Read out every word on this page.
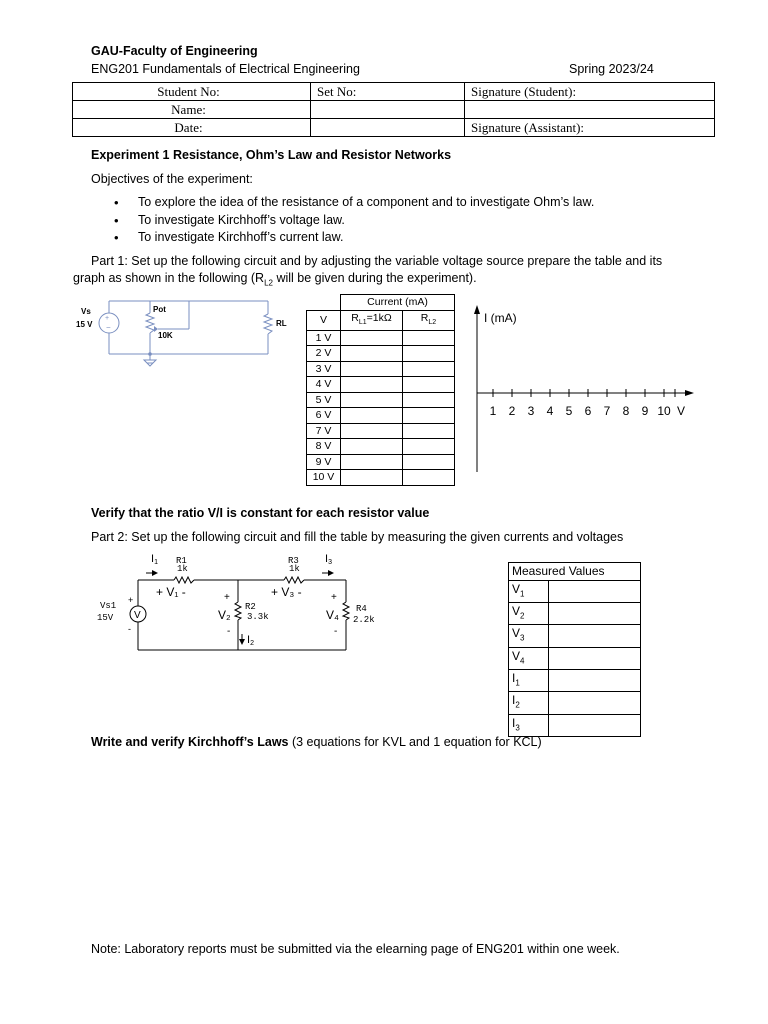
GAU-Faculty of Engineering
ENG201 Fundamentals of Electrical Engineering	Spring 2023/24
Student No:	Set No:	Signature (Student):
Name:		
Date:		Signature (Assistant):
Experiment 1 Resistance, Ohm’s Law and Resistor Networks
Objectives of the experiment:
• To explore the idea of the resistance of a component and to investigate Ohm’s law.
• To investigate Kirchhoff’s voltage law.
• To investigate Kirchhoff’s current law.
Part 1: Set up the following circuit and by adjusting the variable voltage source prepare the table and its
graph as shown in the following ($R_{L2}$ will be given during the experiment).
+
−
Vs
15 V
Pot
10K
RL
	Current (mA)	
V	$R_{L1}=1k\Omega$	$R_{L2}$
1 V		
2 V		
3 V		
4 V		
5 V		
6 V		
7 V		
8 V		
9 V		
10 V		
I (mA)
1 2 3 4 5 6 7 8 9 10 V
Verify that the ratio V/I is constant for each resistor value
Part 2: Set up the following circuit and fill the table by measuring the given currents and voltages
I1	I3
I2
R1
1k
R3
1k
R2
3.3k
R4
2.2k
Vs1
15V V
+ V₁ -	+ V₃ -
V₂	V₄
+
-
+
-
+
-
Measured Values	
$V_1$	
$V_2$	
$V_3$	
$V_4$	
$I_1$	
$I_2$	
$I_3$	
Write and verify Kirchhoff’s Laws (3 equations for KVL and 1 equation for KCL)
Note: Laboratory reports must be submitted via the elearning page of ENG201 within one week.
